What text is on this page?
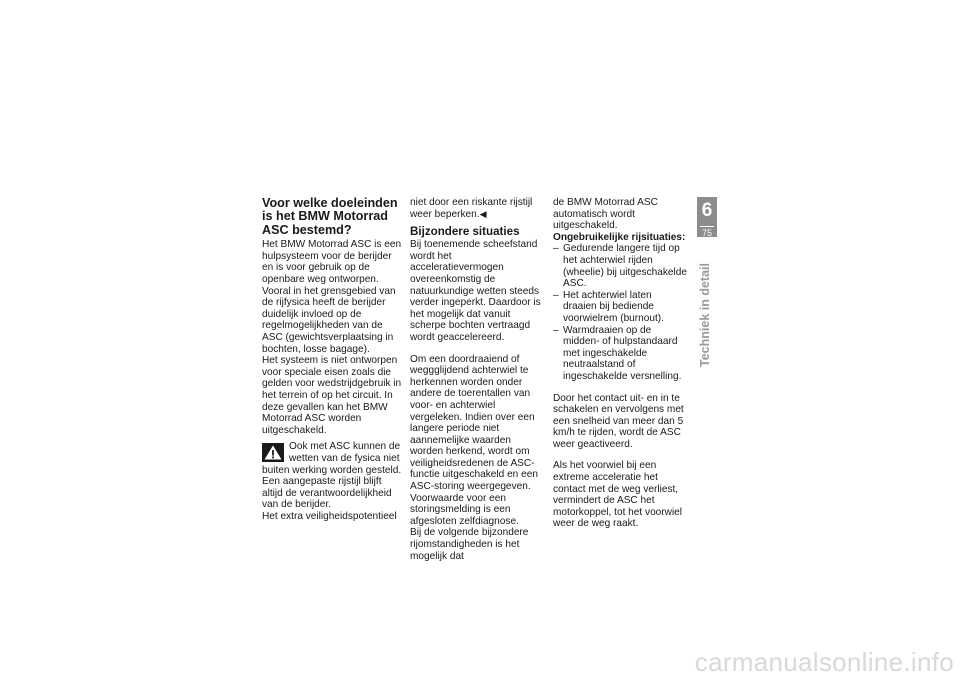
Voor welke doeleinden is het BMW Motorrad ASC bestemd?

Het BMW Motorrad ASC is een hulpsysteem voor de berijder en is voor gebruik op de openbare weg ontworpen. Vooral in het grensgebied van de rijfysica heeft de berijder duidelijk invloed op de regelmogelijkheden van de ASC (gewichtsverplaatsing in bochten, losse bagage).

Het systeem is niet ontworpen voor speciale eisen zoals die gelden voor wedstrijdgebruik in het terrein of op het circuit. In deze gevallen kan het BMW Motorrad ASC worden uitgeschakeld.

Ook met ASC kunnen de wetten van de fysica niet buiten werking worden gesteld. Een aangepaste rijstijl blijft altijd de verantwoordelijkheid van de berijder.

Het extra veiligheidspotentieel

niet door een riskante rijstijl weer beperken.◀

Bijzondere situaties

Bij toenemende scheefstand wordt het acceleratievermogen overeenkomstig de natuurkundige wetten steeds verder ingeperkt. Daardoor is het mogelijk dat vanuit scherpe bochten vertraagd wordt geaccelereerd.

Om een doordraaiend of weggglijdend achterwiel te herkennen worden onder andere de toerentallen van voor- en achterwiel vergeleken. Indien over een langere periode niet aannemelijke waarden worden herkend, wordt om veiligheidsredenen de ASC-functie uitgeschakeld en een ASC-storing weergegeven. Voorwaarde voor een storingsmelding is een afgesloten zelfdiagnose.

Bij de volgende bijzondere rijomstandigheden is het mogelijk dat

de BMW Motorrad ASC automatisch wordt uitgeschakeld.

Ongebruikelijke rijsituaties:

– Gedurende langere tijd op het achterwiel rijden (wheelie) bij uitgeschakelde ASC.
– Het achterwiel laten draaien bij bediende voorwielrem (burnout).
– Warmdraaien op de midden- of hulpstandaard met ingeschakelde neutraalstand of ingeschakelde versnelling.

Door het contact uit- en in te schakelen en vervolgens met een snelheid van meer dan 5 km/h te rijden, wordt de ASC weer geactiveerd.

Als het voorwiel bij een extreme acceleratie het contact met de weg verliest, vermindert de ASC het motorkoppel, tot het voorwiel weer de weg raakt.

6
75
Techniek in detail
carmanualsonline.info
